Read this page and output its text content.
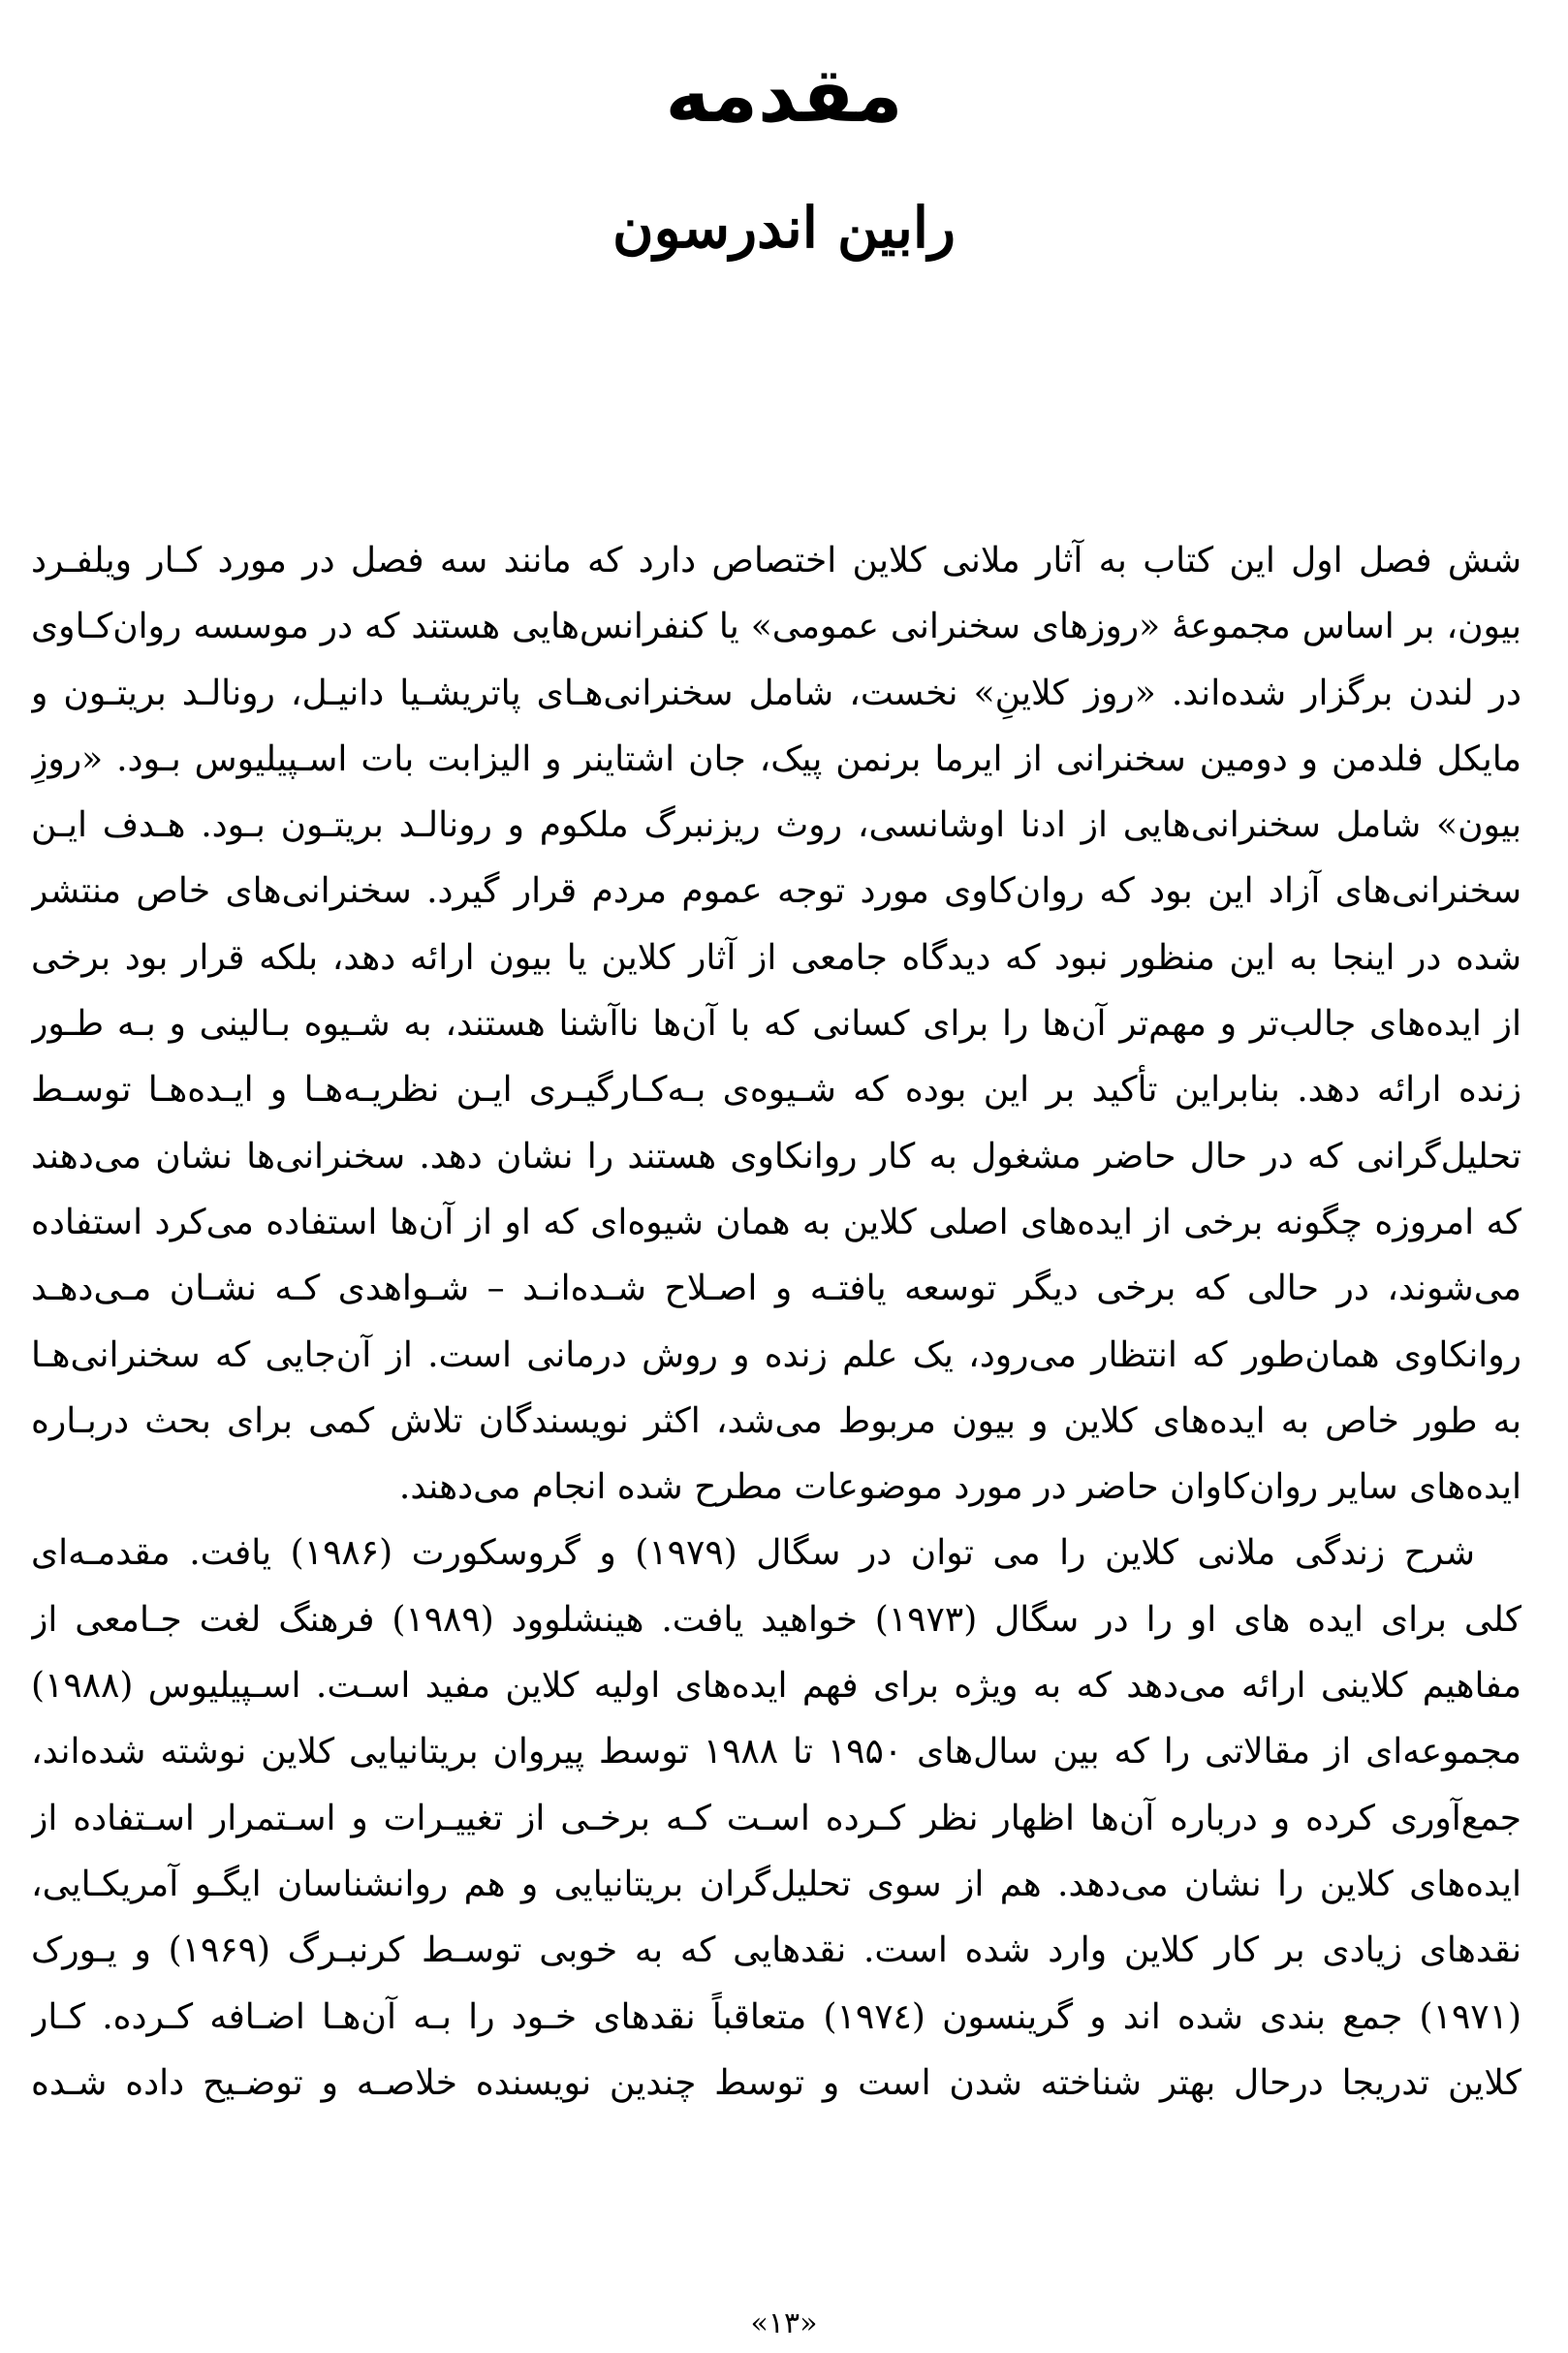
مقدمه
رابین اندرسون
شش فصل اول این کتاب به آثار ملانی کلاین اختصاص دارد که مانند سه فصل در مورد کـار ویلفـرد
بیون، بر اساس مجموعهٔ «روزهای سخنرانی عمومی» یا کنفرانس‌هایی هستند که در موسسه روان‌کـاوی
در لندن برگزار شده‌اند. «روز کلاینِ» نخست، شامل سخنرانی‌هـای پاتریشـیا دانیـل، رونالـد بریتـون و
مایکل فلدمن و دومین سخنرانی از ایرما برنمن پیک، جان اشتاینر و الیزابت بات اسـپیلیوس بـود. «روزِ
بیون» شامل سخنرانی‌هایی از ادنا اوشانسی، روث ریزنبرگ ملکوم و رونالـد بریتـون بـود. هـدف ایـن
سخنرانی‌های آزاد این بود که روان‌کاوی مورد توجه عموم مردم قرار گیرد. سخنرانی‌های خاص منتشر
شده در اینجا به این منظور نبود که دیدگاه جامعی از آثار کلاین یا بیون ارائه دهد، بلکه قرار بود برخی
از ایده‌های جالب‌تر و مهم‌تر آن‌ها را برای کسانی که با آن‌ها ناآشنا هستند، به شـیوه بـالینی و بـه طـور
زنده ارائه دهد. بنابراین تأکید بر این بوده که شـیوه‌ی بـه‌کـارگیـری ایـن نظریـه‌هـا و ایـده‌هـا توسـط
تحلیل‌گرانی که در حال حاضر مشغول به کار روانکاوی هستند را نشان دهد. سخنرانی‌ها نشان می‌دهند
که امروزه چگونه برخی از ایده‌های اصلی کلاین به همان شیوه‌ای که او از آن‌ها استفاده می‌کرد استفاده
می‌شوند، در حالی که برخی دیگر توسعه یافتـه و اصـلاح شـده‌انـد – شـواهدی کـه نشـان مـی‌دهـد
روانکاوی همان‌طور که انتظار می‌رود، یک علم زنده و روش درمانی است. از آن‌جایی که سخنرانی‌هـا
به طور خاص به ایده‌های کلاین و بیون مربوط می‌شد، اکثر نویسندگان تلاش کمی برای بحث دربـاره
ایده‌های سایر روان‌کاوان حاضر در مورد موضوعات مطرح شده انجام می‌دهند.
شرح زندگی ملانی کلاین را می توان در سگال (۱۹۷۹) و گروسکورت (۱۹۸۶) یافت. مقدمـه‌ای
کلی برای ایده های او را در سگال (۱۹۷۳) خواهید یافت. هینشلوود (۱۹۸۹) فرهنگ لغت جـامعی از
مفاهیم کلاینی ارائه می‌دهد که به ویژه برای فهم ایده‌های اولیه کلاین مفید اسـت. اسـپیلیوس (۱۹۸۸)
مجموعه‌ای از مقالاتی را که بین سال‌های ۱۹۵۰ تا ۱۹۸۸ توسط پیروان بریتانیایی کلاین نوشته شده‌اند،
جمع‌آوری کرده و درباره آن‌ها اظهار نظر کـرده اسـت کـه برخـی از تغییـرات و اسـتمرار اسـتفاده از
ایده‌های کلاین را نشان می‌دهد. هم از سوی تحلیل‌گران بریتانیایی و هم روانشناسان ایگـو آمریکـایی،
نقدهای زیادی بر کار کلاین وارد شده است. نقدهایی که به خوبی توسـط کرنبـرگ (۱۹۶۹) و یـورک
(۱۹۷۱) جمع بندی شده اند و گرینسون (۱۹۷٤) متعاقباً نقدهای خـود را بـه آن‌هـا اضـافه کـرده. کـار
کلاین تدریجا درحال بهتر شناخته شدن است و توسط چندین نویسنده خلاصـه و توضـیح داده شـده
«۱۳»
